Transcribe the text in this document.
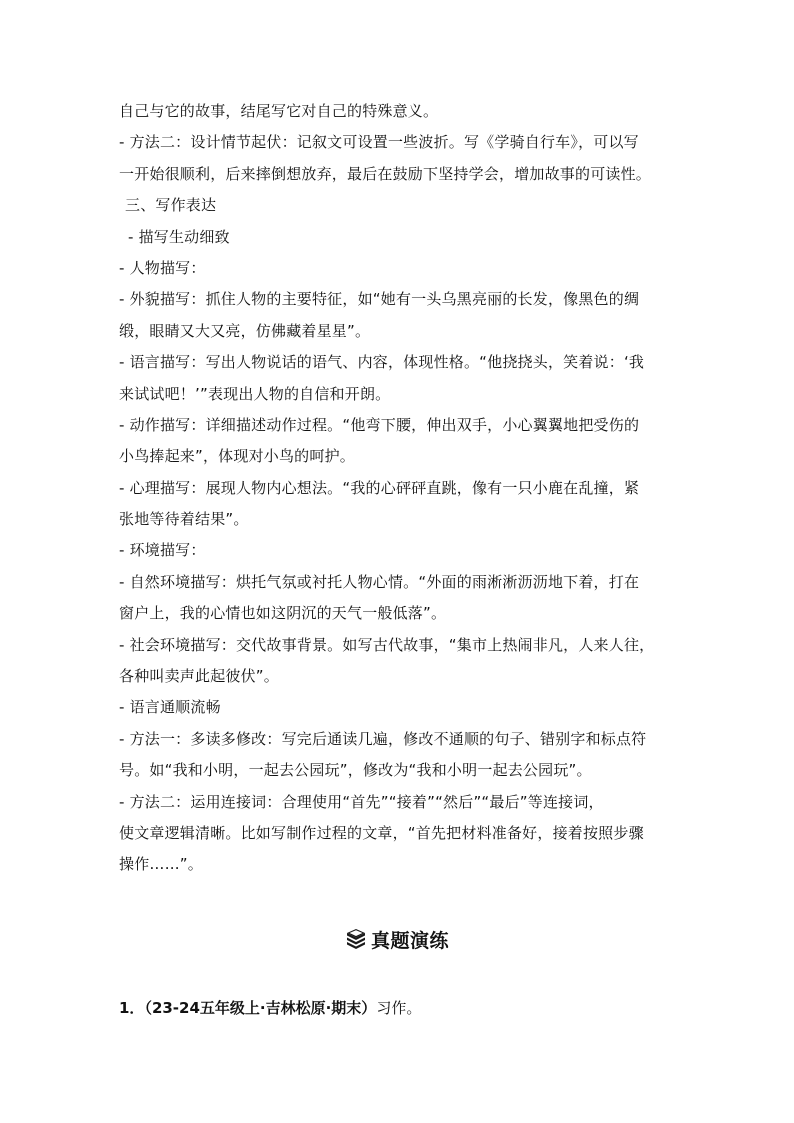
自己与它的故事，结尾写它对自己的特殊意义。
- 方法二：设计情节起伏：记叙文可设置一些波折。写《学骑自行车》，可以写
一开始很顺利，后来摔倒想放弃，最后在鼓励下坚持学会，增加故事的可读性。
三、写作表达
- 描写生动细致
- 人物描写：
- 外貌描写：抓住人物的主要特征，如“她有一头乌黑亮丽的长发，像黑色的绸
缎，眼睛又大又亮，仿佛藏着星星”。
- 语言描写：写出人物说话的语气、内容，体现性格。“他挠挠头，笑着说：‘我
来试试吧！’”表现出人物的自信和开朗。
- 动作描写：详细描述动作过程。“他弯下腰，伸出双手，小心翼翼地把受伤的
小鸟捧起来”，体现对小鸟的呵护。
- 心理描写：展现人物内心想法。“我的心砰砰直跳，像有一只小鹿在乱撞，紧
张地等待着结果”。
- 环境描写：
- 自然环境描写：烘托气氛或衬托人物心情。“外面的雨淅淅沥沥地下着，打在
窗户上，我的心情也如这阴沉的天气一般低落”。
- 社会环境描写：交代故事背景。如写古代故事，“集市上热闹非凡，人来人往，
各种叫卖声此起彼伏”。
- 语言通顺流畅
- 方法一：多读多修改：写完后通读几遍，修改不通顺的句子、错别字和标点符
号。如“我和小明，一起去公园玩”，修改为“我和小明一起去公园玩”。
- 方法二：运用连接词：合理使用“首先”“接着”“然后”“最后”等连接词，
使文章逻辑清晰。比如写制作过程的文章，“首先把材料准备好，接着按照步骤
操作……”。
真题演练
1．（23-24五年级上·吉林松原·期末）习作。
